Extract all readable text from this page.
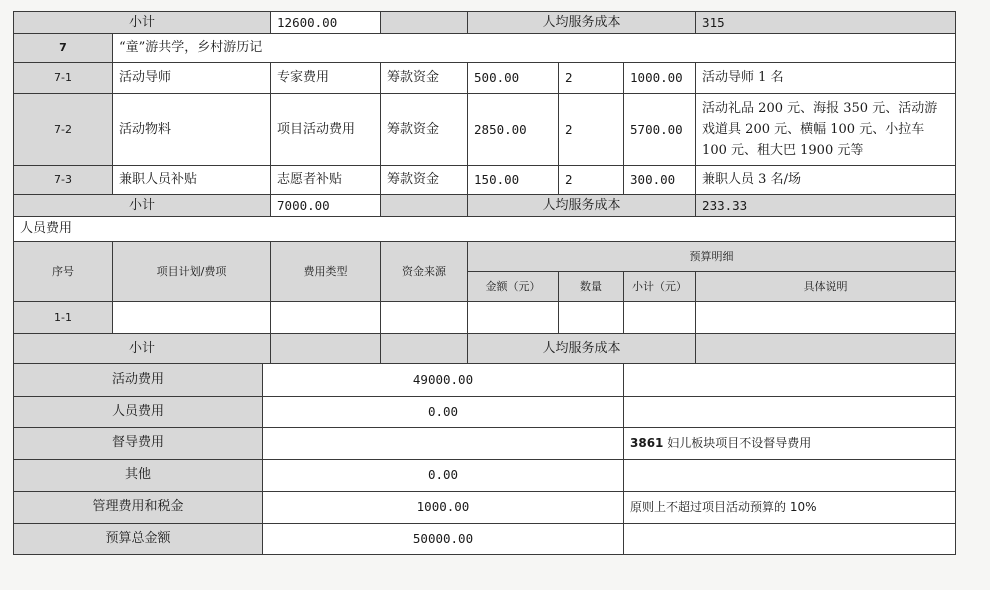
小计		12600.00		人均服务成本			315
7	“童”游共学，乡村游历记						
7-1	活动导师	专家费用	筹款资金	500.00	2	1000.00	活动导师 1 名
7-2	活动物料	项目活动费用	筹款资金	2850.00	2	5700.00	活动礼品 200 元、海报 350 元、活动游戏道具 200 元、横幅 100 元、小拉车 100 元、租大巴 1900 元等
7-3	兼职人员补贴	志愿者补贴	筹款资金	150.00	2	300.00	兼职人员 3 名/场
小计		7000.00		人均服务成本			233.33
人员费用							
序号	项目计划/费项	费用类型	资金来源	预算明细			
				金额（元）	数量	小计（元）	具体说明
1-1							
小计				人均服务成本			
活动费用	49000.00	
人员费用	0.00	
督导费用		3861 妇儿板块项目不设督导费用
其他	0.00	
管理费用和税金	1000.00	原则上不超过项目活动预算的 10%
预算总金额	50000.00	
